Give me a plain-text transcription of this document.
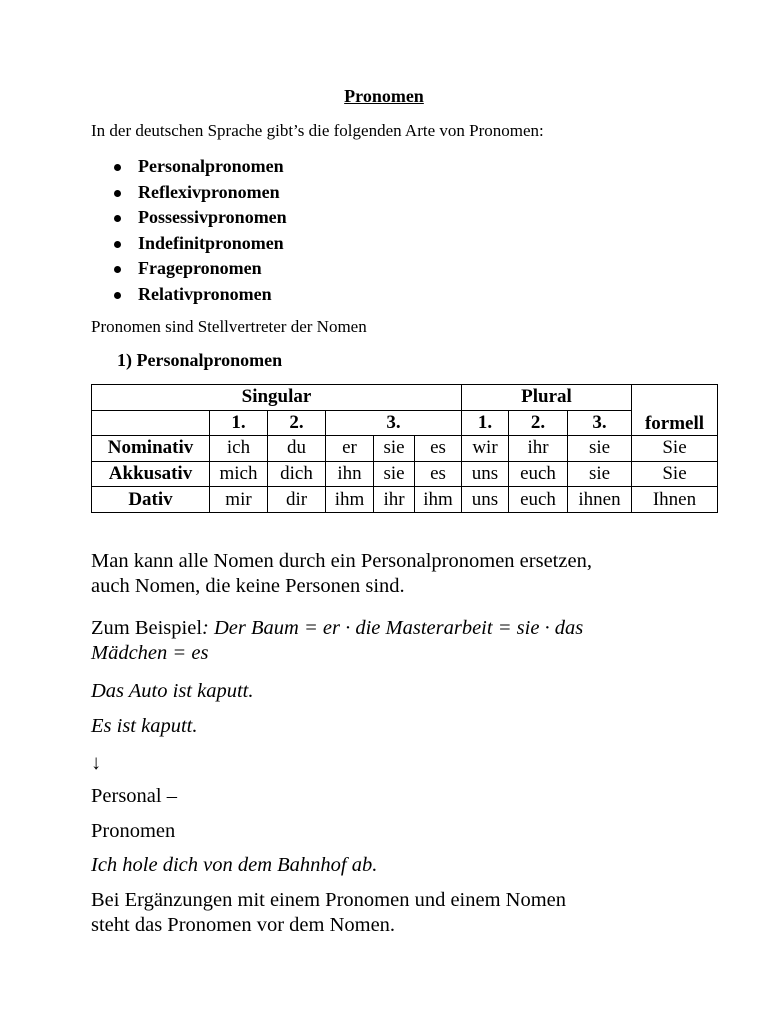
Pronomen
In der deutschen Sprache gibt’s die folgenden Arte von Pronomen:
Personalpronomen
Reflexivpronomen
Possessivpronomen
Indefinitpronomen
Fragepronomen
Relativpronomen
Pronomen sind Stellvertreter der Nomen
1) Personalpronomen
Singular						Plural			formell
	1.	2.	3.			1.	2.	3.	
Nominativ	ich	du	er	sie	es	wir	ihr	sie	Sie
Akkusativ	mich	dich	ihn	sie	es	uns	euch	sie	Sie
Dativ	mir	dir	ihm	ihr	ihm	uns	euch	ihnen	Ihnen
Man kann alle Nomen durch ein Personalpronomen ersetzen,
auch Nomen, die keine Personen sind.
Zum Beispiel: Der Baum = er · die Masterarbeit = sie · das
Mädchen = es
Das Auto ist kaputt.
Es ist kaputt.
↓
Personal –
Pronomen
Ich hole dich von dem Bahnhof ab.
Bei Ergänzungen mit einem Pronomen und einem Nomen
steht das Pronomen vor dem Nomen.
